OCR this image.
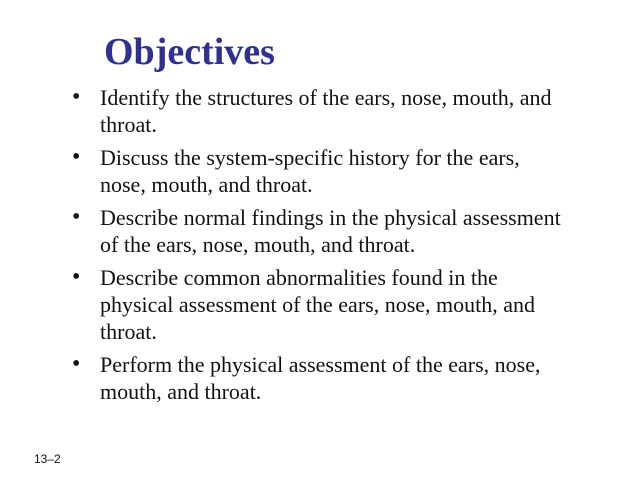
Objectives
• Identify the structures of the ears, nose, mouth, and throat.
• Discuss the system-specific history for the ears, nose, mouth, and throat.
• Describe normal findings in the physical assessment of the ears, nose, mouth, and throat.
• Describe common abnormalities found in the physical assessment of the ears, nose, mouth, and throat.
• Perform the physical assessment of the ears, nose, mouth, and throat.
13–2
